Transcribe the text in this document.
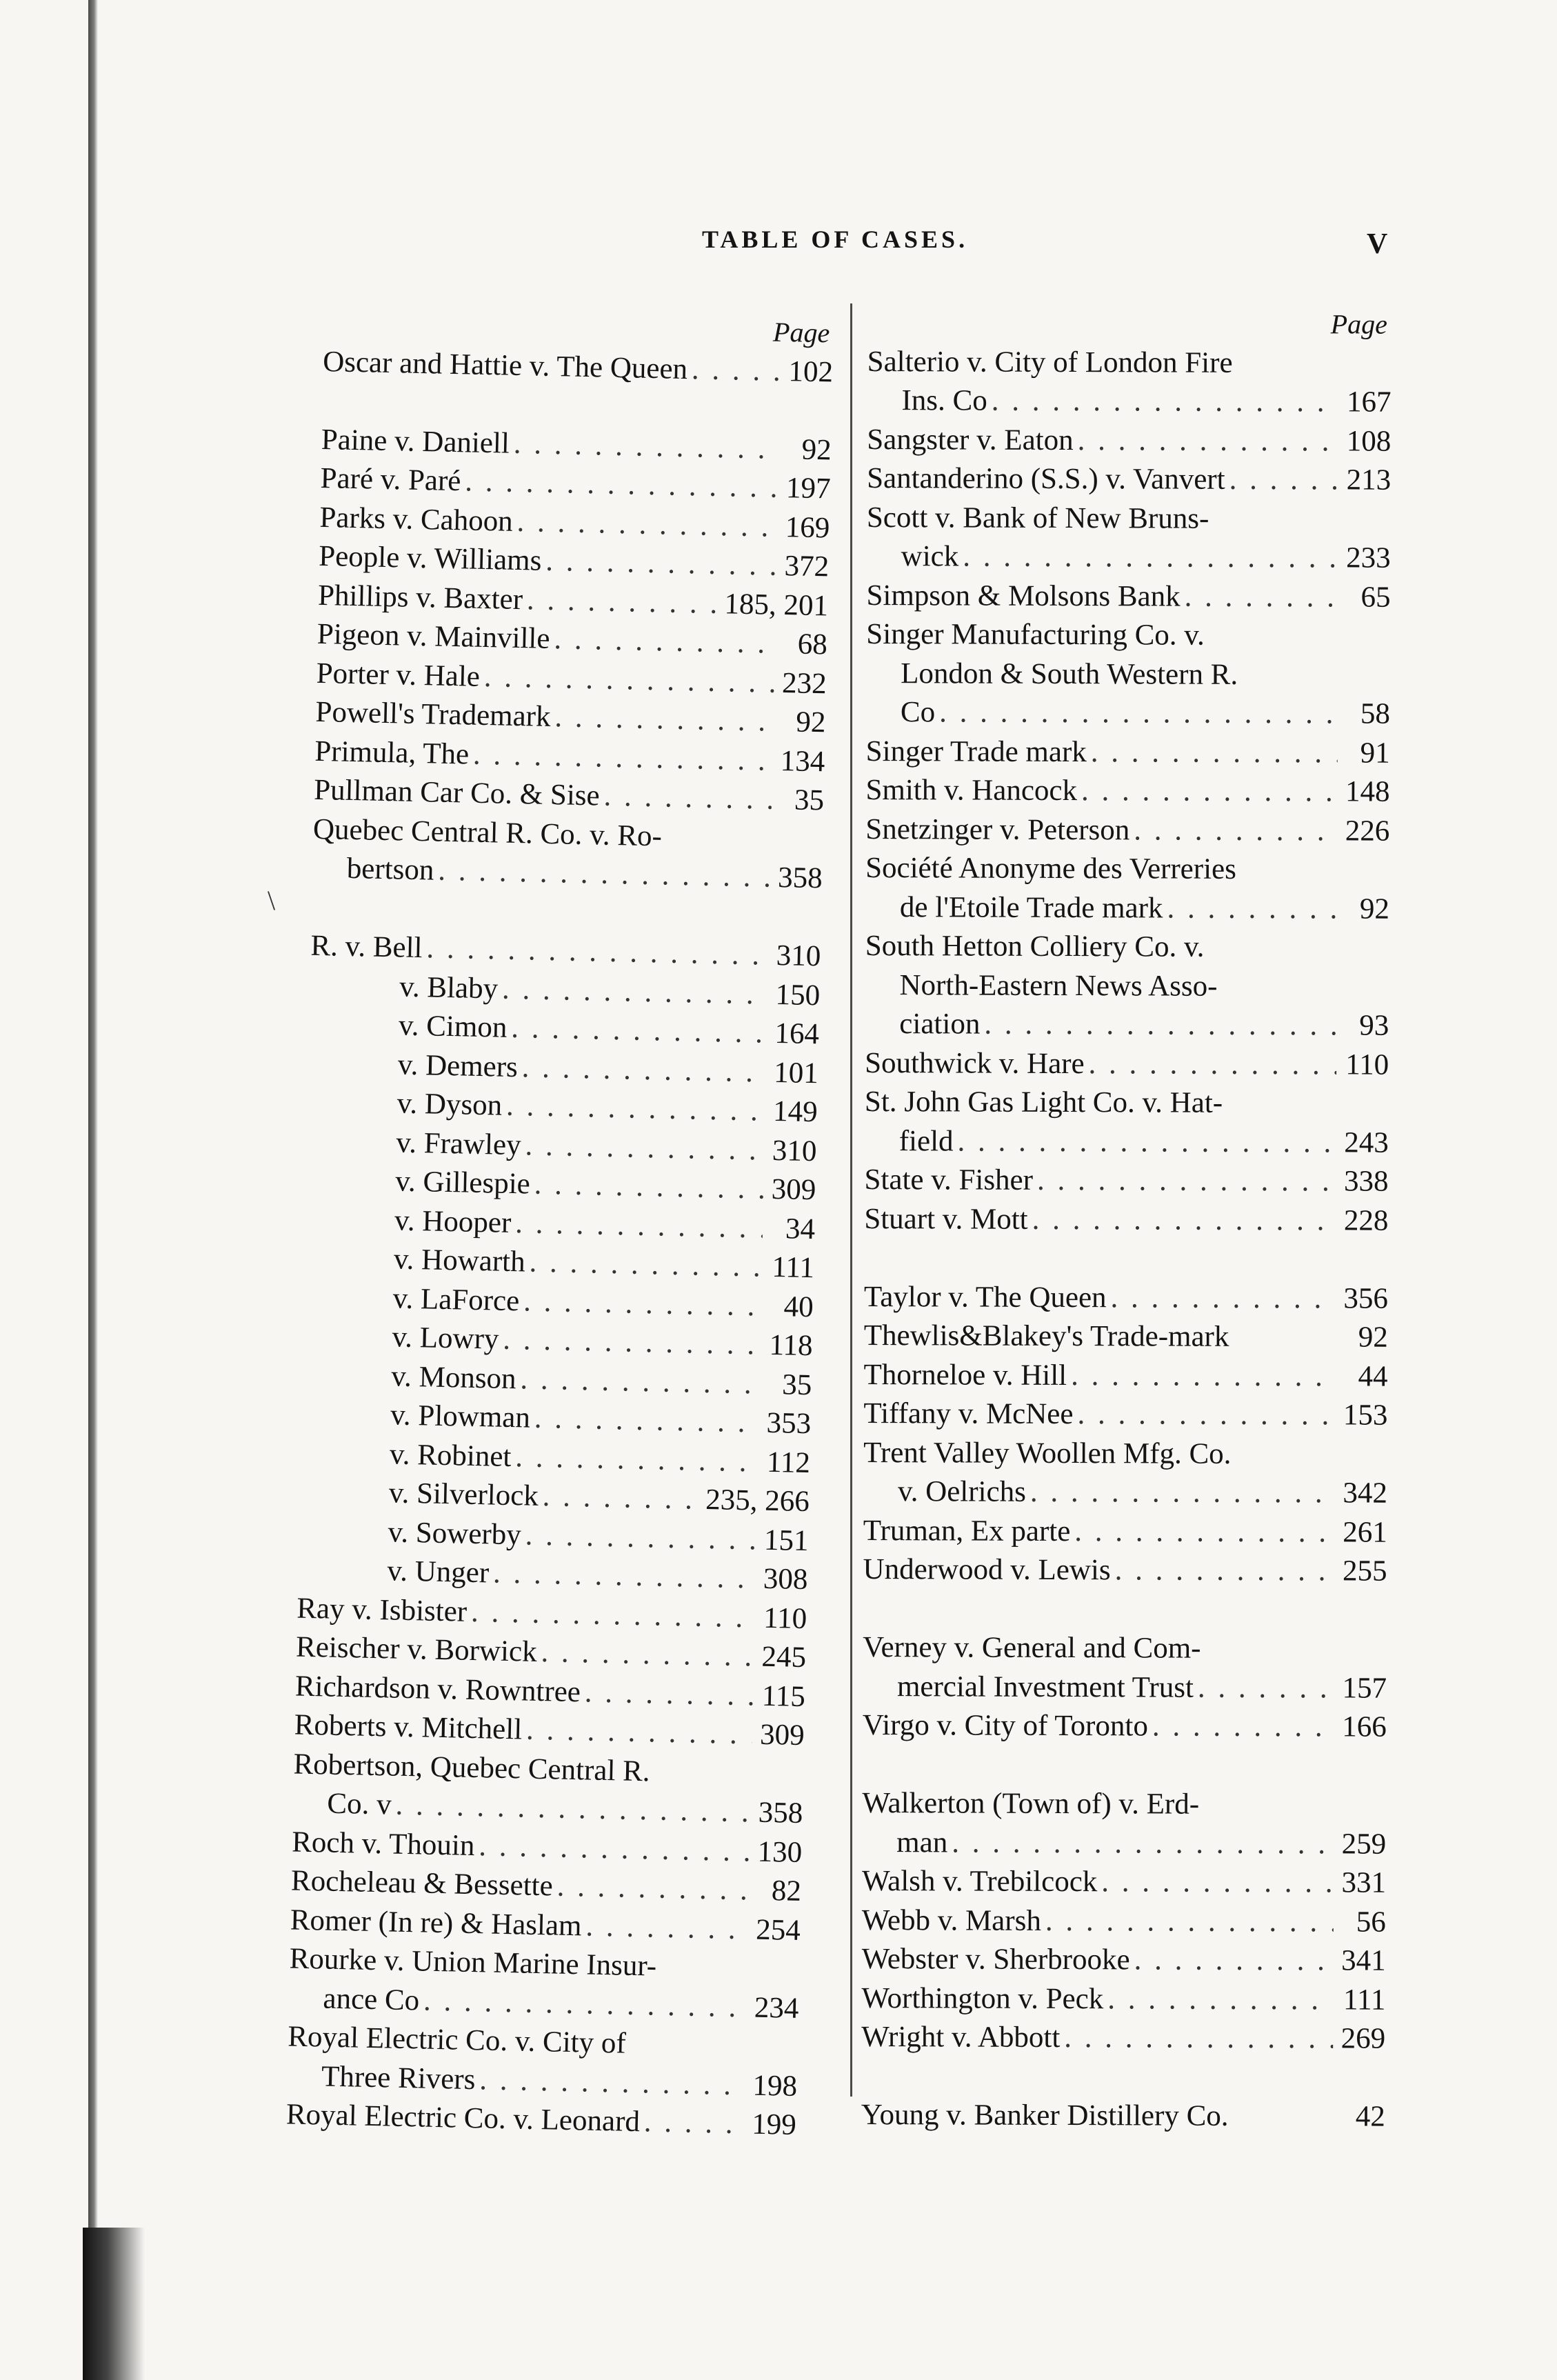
TABLE OF CASES.	V
Page
Oscar and Hattie v. The Queen . . .	102
Paine v. Daniell . . .	92
Paré v. Paré . . .	197
Parks v. Cahoon . . .	169
People v. Williams . . .	372
Phillips v. Baxter . . .	185, 201
Pigeon v. Mainville . . .	68
Porter v. Hale . . .	232
Powell's Trademark . . .	92
Primula, The . . .	134
Pullman Car Co. & Sise . . .	35
Quebec Central R. Co. v. Ro-
bertson . . .	358
R. v. Bell . . .	310
v. Blaby . . .	150
v. Cimon . . .	164
v. Demers . . .	101
v. Dyson . . .	149
v. Frawley . . .	310
v. Gillespie . . .	309
v. Hooper . . .	34
v. Howarth . . .	111
v. LaForce . . .	40
v. Lowry . . .	118
v. Monson . . .	35
v. Plowman . . .	353
v. Robinet . . .	112
v. Silverlock . . .	235, 266
v. Sowerby . . .	151
v. Unger . . .	308
Ray v. Isbister . . .	110
Reischer v. Borwick . . .	245
Richardson v. Rowntree . . .	115
Roberts v. Mitchell . . .	309
Robertson, Quebec Central R.
Co. v . . .	358
Roch v. Thouin . . .	130
Rocheleau & Bessette . . .	82
Romer (In re) & Haslam . . .	254
Rourke v. Union Marine Insur-
ance Co . . .	234
Royal Electric Co. v. City of
Three Rivers . . .	198
Royal Electric Co. v. Leonard . . .	199
Page
Salterio v. City of London Fire
Ins. Co . . .	167
Sangster v. Eaton . . .	108
Santanderino (S.S.) v. Vanvert . . .	213
Scott v. Bank of New Bruns-
wick . . .	233
Simpson & Molsons Bank . . .	65
Singer Manufacturing Co. v.
London & South Western R.
Co . . .	58
Singer Trade mark . . .	91
Smith v. Hancock . . .	148
Snetzinger v. Peterson . . .	226
Société Anonyme des Verreries
de l'Etoile Trade mark . . .	92
South Hetton Colliery Co. v.
North-Eastern News Asso-
ciation . . .	93
Southwick v. Hare . . .	110
St. John Gas Light Co. v. Hat-
field . . .	243
State v. Fisher . . .	338
Stuart v. Mott . . .	228
Taylor v. The Queen . . .	356
Thewlis&Blakey's Trade-mark	92
Thorneloe v. Hill . . .	44
Tiffany v. McNee . . .	153
Trent Valley Woollen Mfg. Co.
v. Oelrichs . . .	342
Truman, Ex parte . . .	261
Underwood v. Lewis . . .	255
Verney v. General and Com-
mercial Investment Trust . . .	157
Virgo v. City of Toronto . . .	166
Walkerton (Town of) v. Erd-
man . . .	259
Walsh v. Trebilcock . . .	331
Webb v. Marsh . . .	56
Webster v. Sherbrooke . . .	341
Worthington v. Peck . . .	111
Wright v. Abbott . . .	269
Young v. Banker Distillery Co.	42
\
